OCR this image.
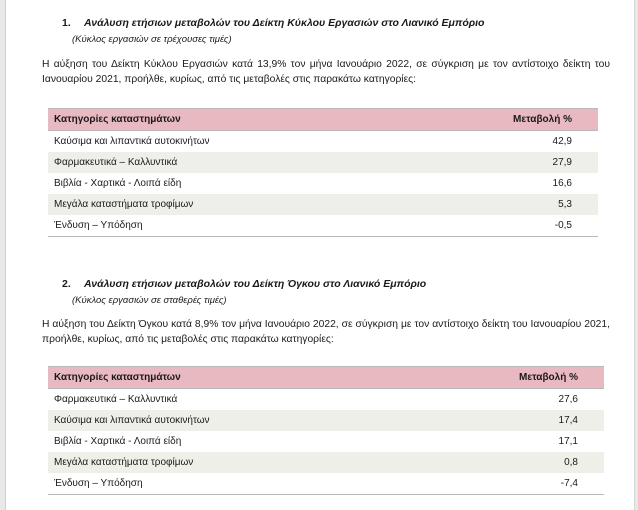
1. Ανάλυση ετήσιων μεταβολών του Δείκτη Κύκλου Εργασιών στο Λιανικό Εμπόριο
(Κύκλος εργασιών σε τρέχουσες τιμές)
Η αύξηση του Δείκτη Κύκλου Εργασιών κατά 13,9% τον μήνα Ιανουάριο 2022, σε σύγκριση με τον αντίστοιχο δείκτη του Ιανουαρίου 2021, προήλθε, κυρίως, από τις μεταβολές στις παρακάτω κατηγορίες:
Κατηγορίες καταστημάτων	Μεταβολή %
Καύσιμα και λιπαντικά αυτοκινήτων	42,9
Φαρμακευτικά – Καλλυντικά	27,9
Βιβλία - Χαρτικά - Λοιπά είδη	16,6
Μεγάλα καταστήματα τροφίμων	5,3
Ένδυση – Υπόδηση	-0,5
2. Ανάλυση ετήσιων μεταβολών του Δείκτη Όγκου στο Λιανικό Εμπόριο
(Κύκλος εργασιών σε σταθερές τιμές)
Η αύξηση του Δείκτη Όγκου κατά 8,9% τον μήνα Ιανουάριο 2022, σε σύγκριση με τον αντίστοιχο δείκτη του Ιανουαρίου 2021, προήλθε, κυρίως, από τις μεταβολές στις παρακάτω κατηγορίες:
Κατηγορίες καταστημάτων	Μεταβολή %
Φαρμακευτικά – Καλλυντικά	27,6
Καύσιμα και λιπαντικά αυτοκινήτων	17,4
Βιβλία - Χαρτικά - Λοιπά είδη	17,1
Μεγάλα καταστήματα τροφίμων	0,8
Ένδυση – Υπόδηση	-7,4
